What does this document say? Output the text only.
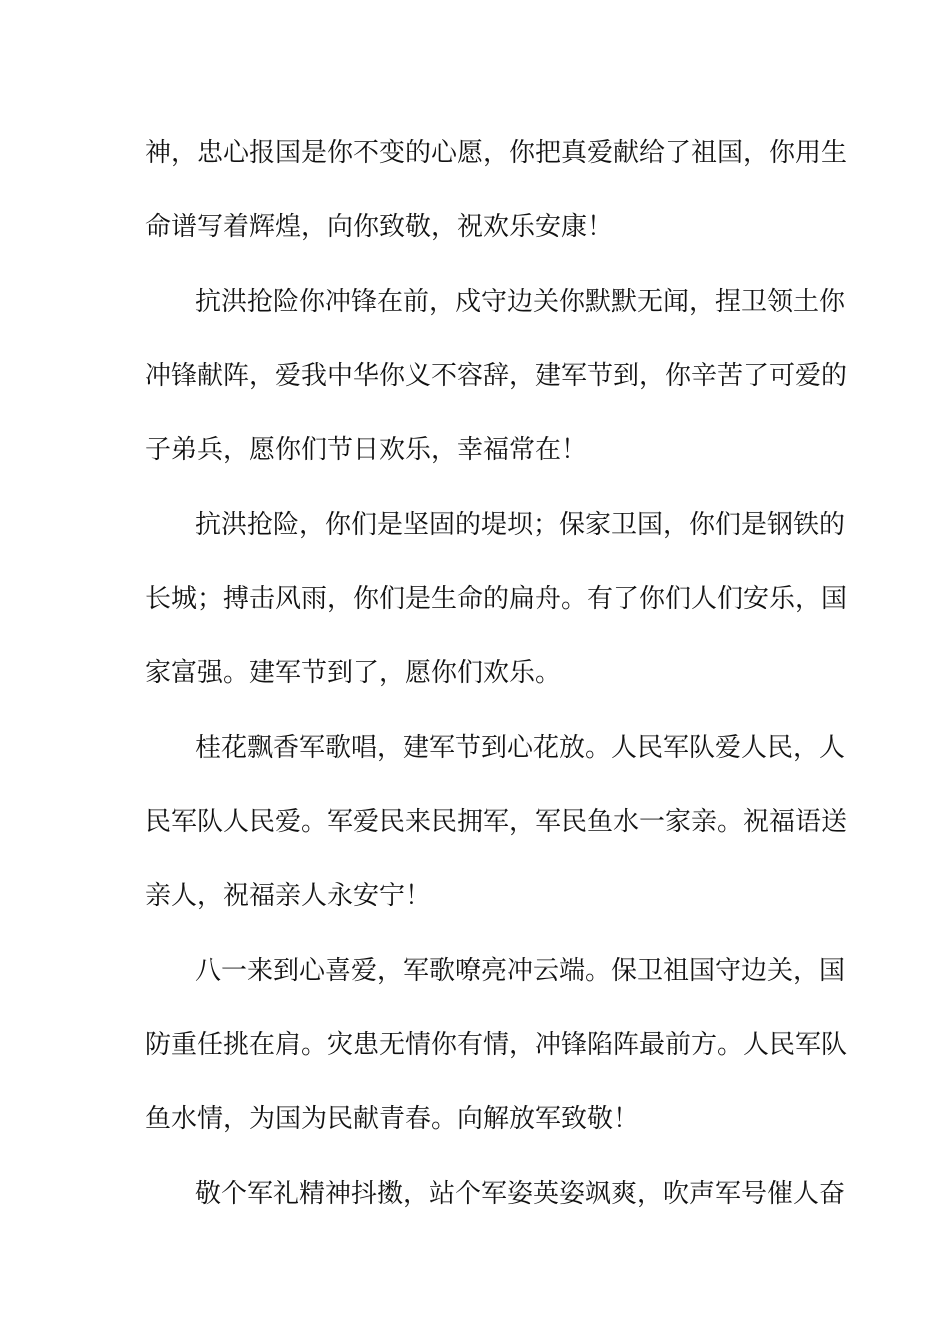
神，忠心报国是你不变的心愿，你把真爱献给了祖国，你用生
命谱写着辉煌，向你致敬，祝欢乐安康！
抗洪抢险你冲锋在前，戍守边关你默默无闻，捏卫领土你
冲锋献阵，爱我中华你义不容辞，建军节到，你辛苦了可爱的
子弟兵，愿你们节日欢乐，幸福常在！
抗洪抢险，你们是坚固的堤坝；保家卫国，你们是钢铁的
长城；搏击风雨，你们是生命的扁舟。有了你们人们安乐，国
家富强。建军节到了，愿你们欢乐。
桂花飘香军歌唱，建军节到心花放。人民军队爱人民，人
民军队人民爱。军爱民来民拥军，军民鱼水一家亲。祝福语送
亲人，祝福亲人永安宁！
八一来到心喜爱，军歌嘹亮冲云端。保卫祖国守边关，国
防重任挑在肩。灾患无情你有情，冲锋陷阵最前方。人民军队
鱼水情，为国为民献青春。向解放军致敬！
敬个军礼精神抖擞，站个军姿英姿飒爽，吹声军号催人奋
